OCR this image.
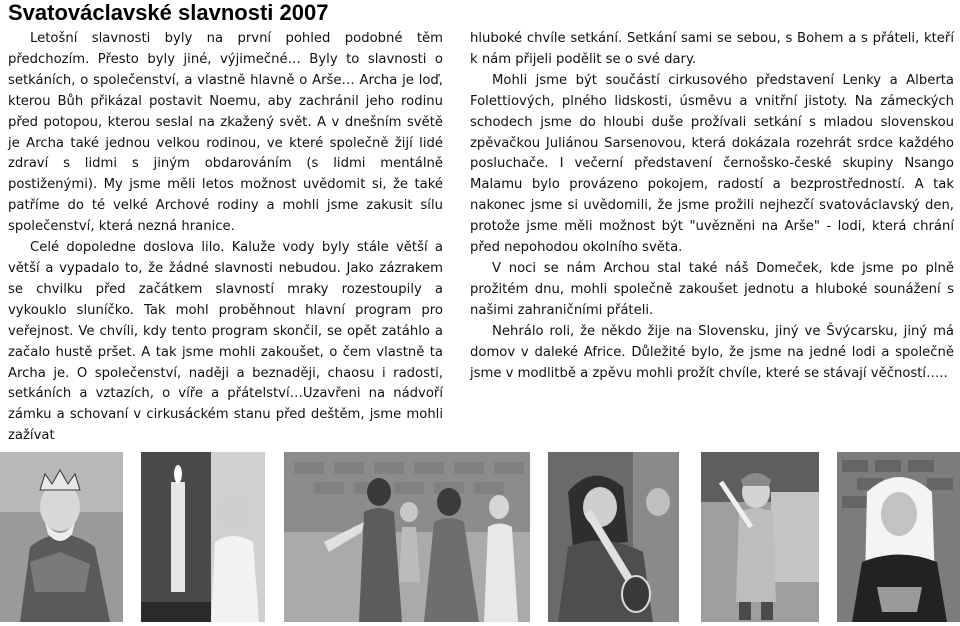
Svatováclavské slavnosti 2007

Letošní slavnosti byly na první pohled podobné těm předchozím. Přesto byly jiné, výjimečné… Byly to slavnosti o setkáních, o společenství, a vlastně hlavně o Arše… Archa je loď, kterou Bůh přikázal postavit Noemu, aby zachránil jeho rodinu před potopou, kterou seslal na zkažený svět. A v dnešním světě je Archa také jednou velkou rodinou, ve které společně žijí lidé zdraví s lidmi s jiným obdarováním (s lidmi mentálně postiženými). My jsme měli letos možnost uvědomit si, že také patříme do té velké Archové rodiny a mohli jsme zakusit sílu společenství, která nezná hranice.

Celé dopoledne doslova lilo. Kaluže vody byly stále větší a větší a vypadalo to, že žádné slavnosti nebudou. Jako zázrakem se chvilku před začátkem slavností mraky rozestoupily a vykouklo sluníčko. Tak mohl proběhnout hlavní program pro veřejnost. Ve chvíli, kdy tento program skončil, se opět zatáhlo a začalo hustě pršet. A tak jsme mohli zakoušet, o čem vlastně ta Archa je. O společenství, naději a beznaději, chaosu i radosti, setkáních a vztazích, o víře a přátelství…Uzavřeni na nádvoří zámku a schovaní v cirkusáckém stanu před deštěm, jsme mohli zažívat

hluboké chvíle setkání. Setkání sami se sebou, s Bohem a s přáteli, kteří k nám přijeli podělit se o své dary.

Mohli jsme být součástí cirkusového představení Lenky a Alberta Folettiových, plného lidskosti, úsměvu a vnitřní jistoty. Na zámeckých schodech jsme do hloubi duše prožívali setkání s mladou slovenskou zpěvačkou Juliánou Sarsenovou, která dokázala rozehrát srdce každého posluchače. I večerní představení černošsko-české skupiny Nsango Malamu bylo provázeno pokojem, radostí a bezprostředností. A tak nakonec jsme si uvědomili, že jsme prožili nejhezčí svatováclavský den, protože jsme měli možnost být "uvězněni na Arše" - lodi, která chrání před nepohodou okolního světa.

V noci se nám Archou stal také náš Domeček, kde jsme po plně prožitém dnu, mohli společně zakoušet jednotu a hluboké sounážení s našimi zahraničními přáteli.

Nehrálo roli, že někdo žije na Slovensku, jiný ve Švýcarsku, jiný má domov v daleké Africe. Důležité bylo, že jsme na jedné lodi a společně jsme v modlitbě a zpěvu mohli prožít chvíle, které se stávají věčností…..
